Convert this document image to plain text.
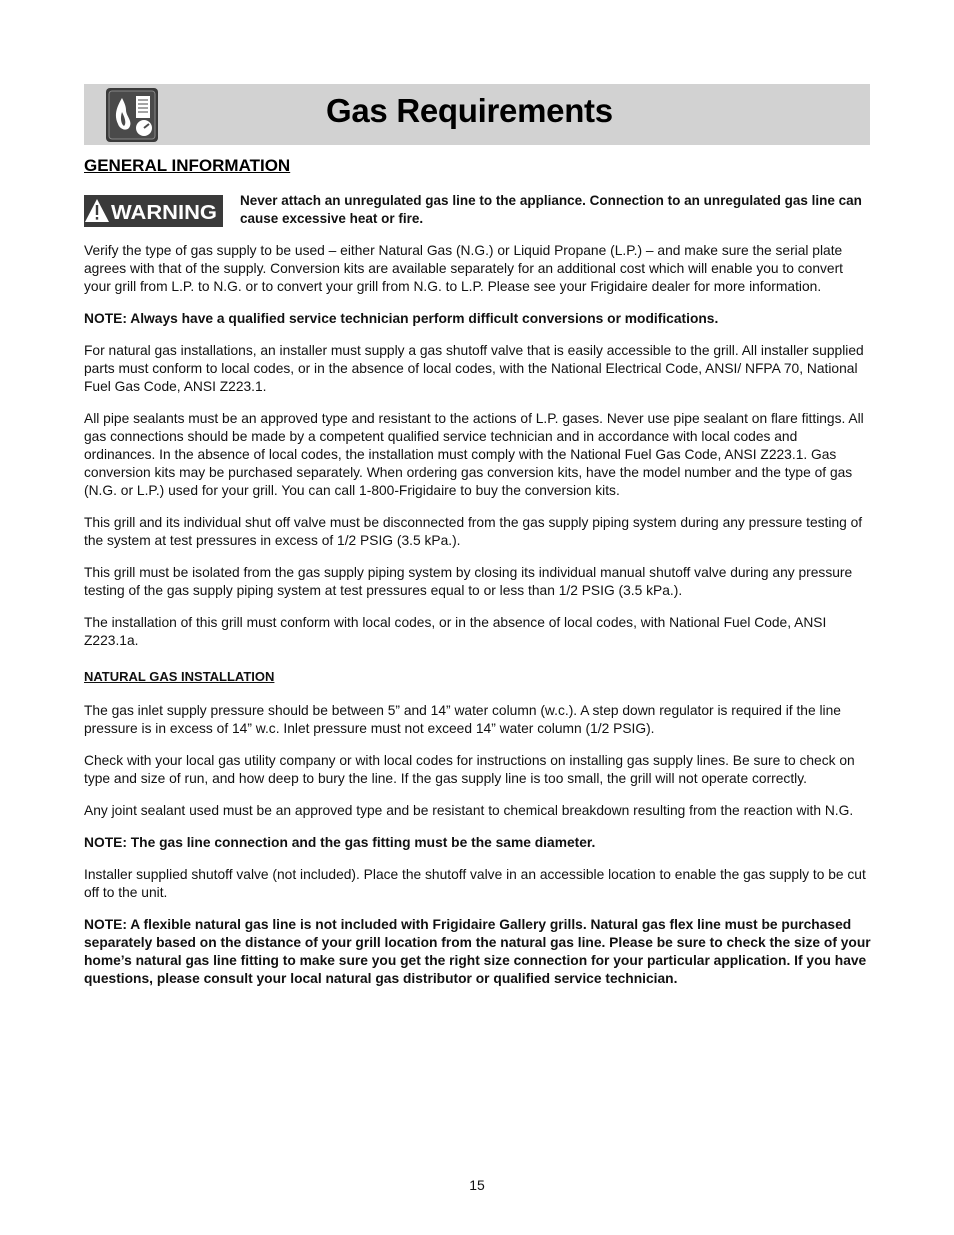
Gas Requirements
GENERAL INFORMATION
WARNING

Never attach an unregulated gas line to the appliance. Connection to an unregulated gas line can cause excessive heat or fire.

Verify the type of gas supply to be used – either Natural Gas (N.G.) or Liquid Propane (L.P.) – and make sure the serial plate agrees with that of the supply. Conversion kits are available separately for an additional cost which will enable you to convert your grill from L.P. to N.G. or to convert your grill from N.G. to L.P. Please see your Frigidaire dealer for more information.

NOTE: Always have a qualified service technician perform difficult conversions or modifications.

For natural gas installations, an installer must supply a gas shutoff valve that is easily accessible to the grill. All installer supplied parts must conform to local codes, or in the absence of local codes, with the National Electrical Code, ANSI/ NFPA 70, National Fuel Gas Code, ANSI Z223.1.

All pipe sealants must be an approved type and resistant to the actions of L.P. gases. Never use pipe sealant on flare fittings. All gas connections should be made by a competent qualified service technician and in accordance with local codes and ordinances. In the absence of local codes, the installation must comply with the National Fuel Gas Code, ANSI Z223.1. Gas conversion kits may be purchased separately. When ordering gas conversion kits, have the model number and the type of gas (N.G. or L.P.) used for your grill. You can call 1-800-Frigidaire to buy the conversion kits.

This grill and its individual shut off valve must be disconnected from the gas supply piping system during any pressure testing of the system at test pressures in excess of 1/2 PSIG (3.5 kPa.).

This grill must be isolated from the gas supply piping system by closing its individual manual shutoff valve during any pressure testing of the gas supply piping system at test pressures equal to or less than 1/2 PSIG (3.5 kPa.).

The installation of this grill must conform with local codes, or in the absence of local codes, with National Fuel Code, ANSI Z223.1a.

NATURAL GAS INSTALLATION

The gas inlet supply pressure should be between 5” and 14” water column (w.c.). A step down regulator is required if the line pressure is in excess of 14” w.c. Inlet pressure must not exceed 14” water column (1/2 PSIG).

Check with your local gas utility company or with local codes for instructions on installing gas supply lines. Be sure to check on type and size of run, and how deep to bury the line. If the gas supply line is too small, the grill will not operate correctly.

Any joint sealant used must be an approved type and be resistant to chemical breakdown resulting from the reaction with N.G.

NOTE: The gas line connection and the gas fitting must be the same diameter.

Installer supplied shutoff valve (not included). Place the shutoff valve in an accessible location to enable the gas supply to be cut off to the unit.

NOTE: A flexible natural gas line is not included with Frigidaire Gallery grills. Natural gas flex line must be purchased separately based on the distance of your grill location from the natural gas line. Please be sure to check the size of your home’s natural gas line fitting to make sure you get the right size connection for your particular application. If you have questions, please consult your local natural gas distributor or qualified service technician.

15
